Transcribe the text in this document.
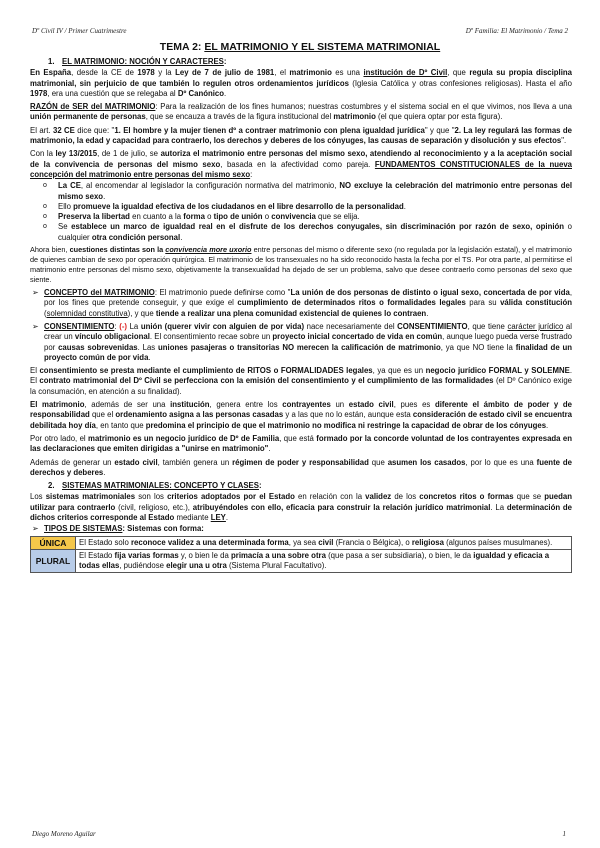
Dº Civil IV / Primer Cuatrimestre	Dº Familia: El Matrimonio / Tema 2
TEMA 2: EL MATRIMONIO Y EL SISTEMA MATRIMONIAL
1. EL MATRIMONIO: NOCIÓN Y CARACTERES:

En España, desde la CE de 1978 y la Ley de 7 de julio de 1981, el matrimonio es una institución de Dº Civil, que regula su propia disciplina matrimonial, sin perjuicio de que también lo regulen otros ordenamientos jurídicos (Iglesia Católica y otras confesiones religiosas). Hasta el año 1978, era una cuestión que se relegaba al Dº Canónico.

RAZÓN de SER del MATRIMONIO: Para la realización de los fines humanos; nuestras costumbres y el sistema social en el que vivimos, nos lleva a una unión permanente de personas, que se encauza a través de la figura institucional del matrimonio (el que quiera optar por esta figura).

El art. 32 CE dice que: "1. El hombre y la mujer tienen dº a contraer matrimonio con plena igualdad jurídica" y que "2. La ley regulará las formas de matrimonio, la edad y capacidad para contraerlo, los derechos y deberes de los cónyuges, las causas de separación y disolución y sus efectos".

Con la ley 13/2015, de 1 de julio, se autoriza el matrimonio entre personas del mismo sexo, atendiendo al reconocimiento y a la aceptación social de la convivencia de personas del mismo sexo, basada en la afectividad como pareja. FUNDAMENTOS CONSTITUCIONALES de la nueva concepción del matrimonio entre personas del mismo sexo:

o La CE, al encomendar al legislador la configuración normativa del matrimonio, NO excluye la celebración del matrimonio entre personas del mismo sexo.
o Ello promueve la igualdad efectiva de los ciudadanos en el libre desarrollo de la personalidad.
o Preserva la libertad en cuanto a la forma o tipo de unión o convivencia que se elija.
o Se establece un marco de igualdad real en el disfrute de los derechos conyugales, sin discriminación por razón de sexo, opinión o cualquier otra condición personal.

Ahora bien, cuestiones distintas son la convivencia more uxorio entre personas del mismo o diferente sexo (no regulada por la legislación estatal), y el matrimonio de quienes cambian de sexo por operación quirúrgica. El matrimonio de los transexuales no ha sido reconocido hasta la fecha por el TS. Por otra parte, al permitirse el matrimonio entre personas del mismo sexo, objetivamente la transexualidad ha dejado de ser un problema, salvo que desee contraerlo como personas del sexo que siente.

➢ CONCEPTO del MATRIMONIO: El matrimonio puede definirse como "La unión de dos personas de distinto o igual sexo, concertada de por vida, por los fines que pretende conseguir, y que exige el cumplimiento de determinados ritos o formalidades legales para su válida constitución (solemnidad constitutiva), y que tiende a realizar una plena comunidad existencial de quienes lo contraen.

➢ CONSENTIMIENTO: (-) La unión (querer vivir con alguien de por vida) nace necesariamente del CONSENTIMIENTO, que tiene carácter jurídico al crear un vínculo obligacional. El consentimiento recae sobre un proyecto inicial concertado de vida en común, aunque luego pueda verse frustrado por causas sobrevenidas. Las uniones pasajeras o transitorias NO merecen la calificación de matrimonio, ya que NO tiene la finalidad de un proyecto común de por vida.

El consentimiento se presta mediante el cumplimiento de RITOS o FORMALIDADES legales, ya que es un negocio jurídico FORMAL y SOLEMNE. El contrato matrimonial del Dº Civil se perfecciona con la emisión del consentimiento y el cumplimiento de las formalidades (el Dº Canónico exige la consumación, en atención a su finalidad).

El matrimonio, además de ser una institución, genera entre los contrayentes un estado civil, pues es diferente el ámbito de poder y de responsabilidad que el ordenamiento asigna a las personas casadas y a las que no lo están, aunque esta consideración de estado civil se encuentra debilitada hoy día, en tanto que predomina el principio de que el matrimonio no modifica ni restringe la capacidad de obrar de los cónyuges.

Por otro lado, el matrimonio es un negocio jurídico de Dº de Familia, que está formado por la concorde voluntad de los contrayentes expresada en las declaraciones que emiten dirigidas a "unirse en matrimonio".

Además de generar un estado civil, también genera un régimen de poder y responsabilidad que asumen los casados, por lo que es una fuente de derechos y deberes.

2. SISTEMAS MATRIMONIALES: CONCEPTO Y CLASES:

Los sistemas matrimoniales son los criterios adoptados por el Estado en relación con la validez de los concretos ritos o formas que se puedan utilizar para contraerlo (civil, religioso, etc.), atribuyéndoles con ello, eficacia para construir la relación jurídico matrimonial. La determinación de dichos criterios corresponde al Estado mediante LEY.

➢ TIPOS DE SISTEMAS: Sistemas con forma:
ÚNICA	El Estado solo reconoce validez a una determinada forma, ya sea civil (Francia o Bélgica), o religiosa (algunos países musulmanes).
PLURAL	El Estado fija varias formas y, o bien le da primacía a una sobre otra (que pasa a ser subsidiaria), o bien, le da igualdad y eficacia a todas ellas, pudiéndose elegir una u otra (Sistema Plural Facultativo).
Diego Moreno Aguilar	1
